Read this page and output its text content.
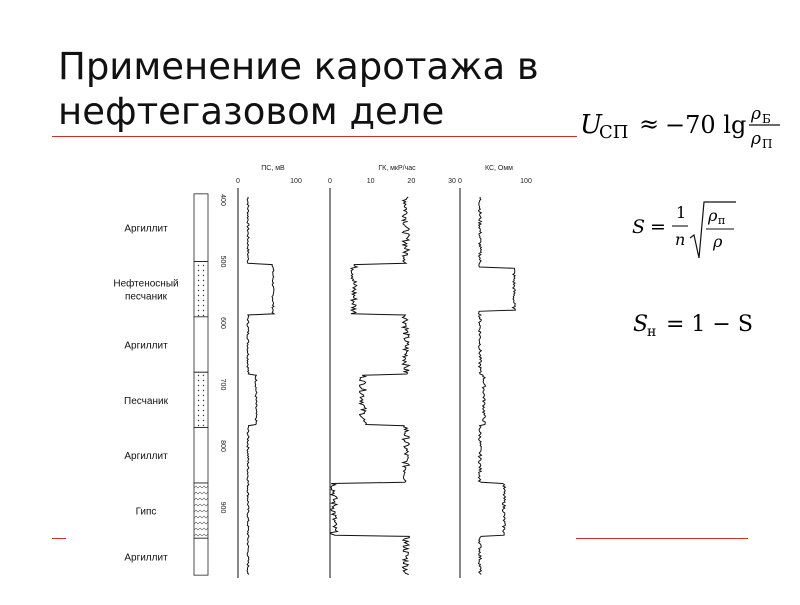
Применение каротажа в
нефтегазовом деле	U
СП ≈ −70 lg ρ Б
ρ П
S =
1
n
ρ п
ρ
S
н = 1 − S
Аргиллит
Нефтеносный
песчаник
Аргиллит
Песчаник
Аргиллит
Гипс
Аргиллит
400
500
600
700
800
900
ПС, мВ
0	100
ГК, мкР/час
0	10	20	30
КС, Омм
0	100
